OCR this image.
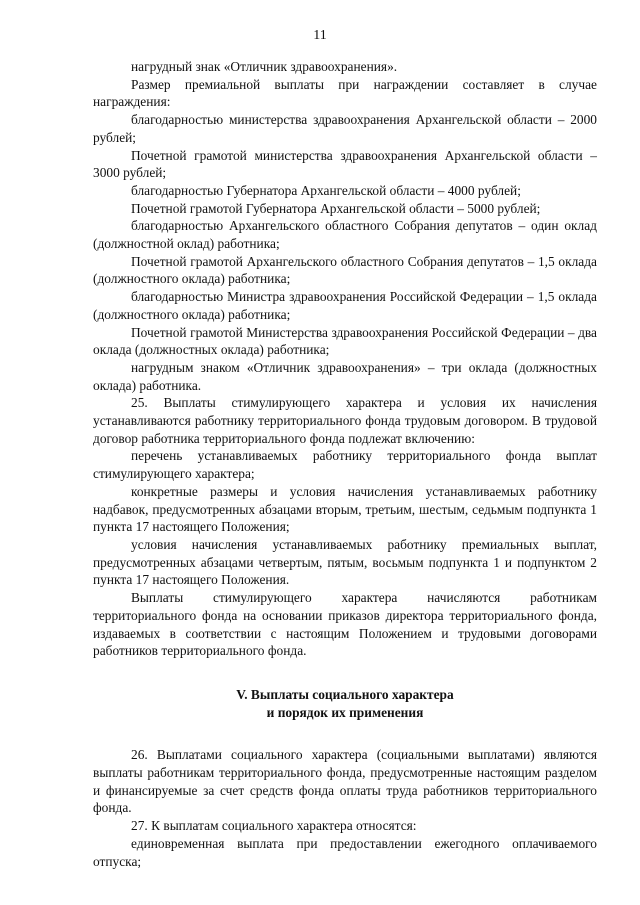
11

нагрудный знак «Отличник здравоохранения».

Размер премиальной выплаты при награждении составляет в случае награждения:

благодарностью министерства здравоохранения Архангельской области – 2000 рублей;

Почетной грамотой министерства здравоохранения Архангельской области – 3000 рублей;

благодарностью Губернатора Архангельской области – 4000 рублей;

Почетной грамотой Губернатора Архангельской области – 5000 рублей;

благодарностью Архангельского областного Собрания депутатов – один оклад (должностной оклад) работника;

Почетной грамотой Архангельского областного Собрания депутатов – 1,5 оклада (должностного оклада) работника;

благодарностью Министра здравоохранения Российской Федерации – 1,5 оклада (должностного оклада) работника;

Почетной грамотой Министерства здравоохранения Российской Федерации – два оклада (должностных оклада) работника;

нагрудным знаком «Отличник здравоохранения» – три оклада (должностных оклада) работника.

25. Выплаты стимулирующего характера и условия их начисления устанавливаются работнику территориального фонда трудовым договором. В трудовой договор работника территориального фонда подлежат включению:

перечень устанавливаемых работнику территориального фонда выплат стимулирующего характера;

конкретные размеры и условия начисления устанавливаемых работнику надбавок, предусмотренных абзацами вторым, третьим, шестым, седьмым подпункта 1 пункта 17 настоящего Положения;

условия начисления устанавливаемых работнику премиальных выплат, предусмотренных абзацами четвертым, пятым, восьмым подпункта 1 и подпунктом 2 пункта 17 настоящего Положения.

Выплаты стимулирующего характера начисляются работникам территориального фонда на основании приказов директора территориального фонда, издаваемых в соответствии с настоящим Положением и трудовыми договорами работников территориального фонда.

V. Выплаты социального характера
и порядок их применения

26. Выплатами социального характера (социальными выплатами) являются выплаты работникам территориального фонда, предусмотренные настоящим разделом и финансируемые за счет средств фонда оплаты труда работников территориального фонда.

27. К выплатам социального характера относятся:

единовременная выплата при предоставлении ежегодного оплачиваемого отпуска;
